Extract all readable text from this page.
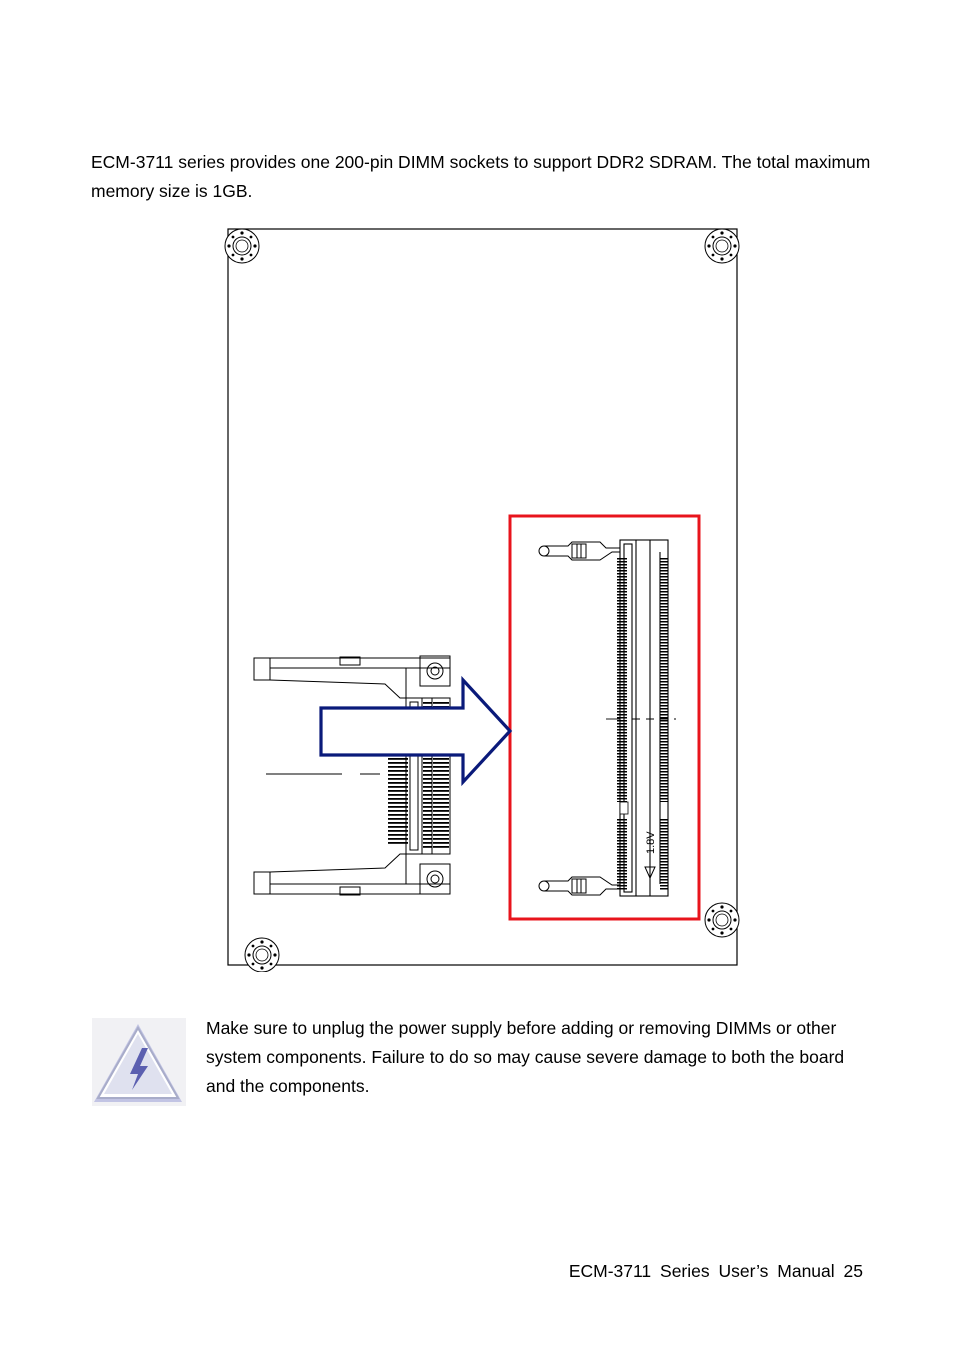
ECM-3711 series provides one 200-pin DIMM sockets to support DDR2 SDRAM. The total maximum memory size is 1GB.

1.8V

Make sure to unplug the power supply before adding or removing DIMMs or other system components. Failure to do so may cause severe damage to both the board and the components.

ECM-3711 Series User’s Manual 25
